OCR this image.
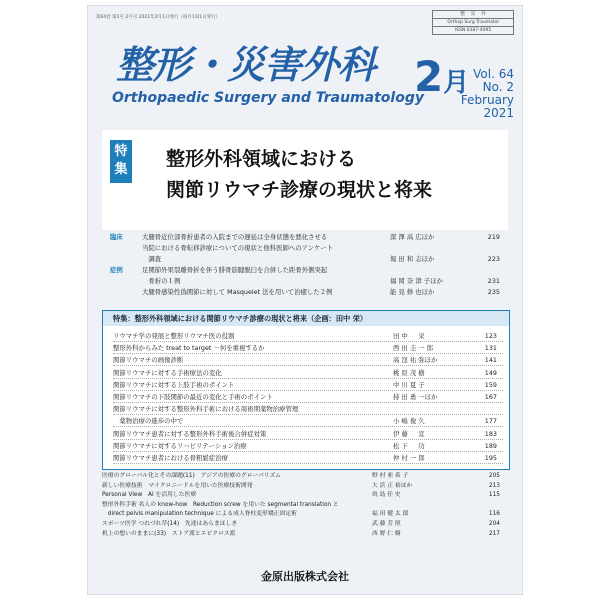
第64巻 第2号 2月号 2021年2月1日発行（毎月1回1日発行）
整 　災 　外
Orthop Surg Traumatol
ISSN 0387-4095
整形・災害外科
Orthopaedic Surgery and Traumatology
2月 Vol. 64
No. 2
February 2021
特
集 整形外科領域における
関節リウマチ診療の現状と将来
臨床	大腿骨近位部骨折患者の入院までの遅延は全身状態を悪化させる	深 澤 高 広ほか	219
当院における骨転移診療についての現状と他科医師へのアンケート
　調査	堀 田 和 志ほか	223
症例	足関節外果裂離骨折を伴う腓骨筋腱脱臼を合併した距骨外側突起
　骨折の１例	福 岡 奈 津 子ほか	231
大腿骨感染性偽関節に対して Masquelet 法を用いて治癒した２例	能 見 修 也ほか	235
特集：整形外科領域における関節リウマチ診療の現状と将来（企画：田中 栄）
リウマチ学の発展と整形リウマチ医の役割	田 中 　 栄	123
整形外科からみた treat to target －何を重視するか	西 田 圭 一 郎	131
関節リウマチの画像診断	高 窪 祐 弥ほか	141
関節リウマチに対する手術療法の変化	桃 原 茂 樹	149
関節リウマチに対する上肢手術のポイント	中 川 夏 子	159
関節リウマチの下肢関節の最近の変化と手術のポイント	持 田 勇 一ほか	167
関節リウマチに対する整形外科手術における周術期薬物治療管理
　薬物治療の進歩の中で	小 嶋 俊 久	177
関節リウマチ患者に対する整形外科手術後合併症対策	伊 藤 　 宣	183
関節リウマチに対するリハビリテーション治療	松 下 　 功	189
関節リウマチ患者における骨粗鬆症治療	仲 村 一 郎	195
医療のグローバル化とその課題(11)　アジアの医療のグローバリズム	野 村 亜 希 子	205
新しい医療技術　マイクロニードルを用いた医療技術開発	大 浜 正 裕ほか	213
Personal View　AI を活用した医療	眞 島 任 史	115
整形外科手術 名人の know-how　Reduction screw を用いた segmental translation と
　direct pelvis manipulation technique による成人脊柱変形矯正固定術	福 田 健 太 郎	116
スポーツ医学 つれづれ草(14)　先達はあらまほしき	武 藤 芳 照	204
机上の想いのままに(33)　ストア派とエピクロス派	西 野 仁 樹	217
金原出版株式会社
